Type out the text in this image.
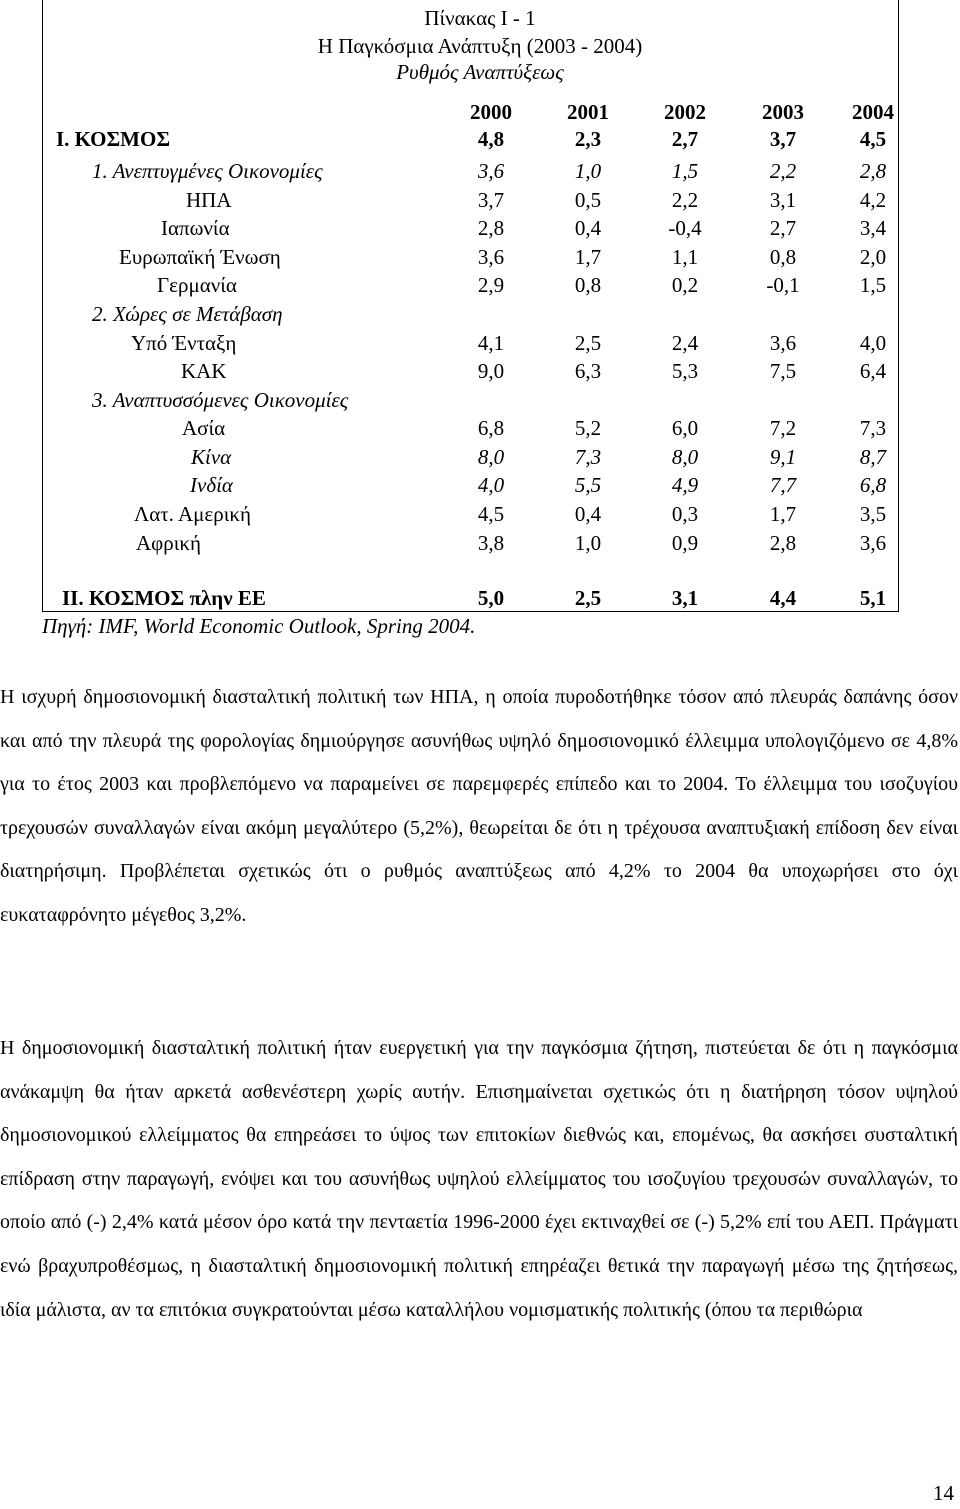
Πίνακας Ι - 1
Η Παγκόσμια Ανάπτυξη (2003 - 2004)
Ρυθμός Αναπτύξεως
2000	2001	2002	2003	2004
Ι. ΚΟΣΜΟΣ	4,8	2,3	2,7	3,7	4,5
1. Ανεπτυγμένες Οικονομίες	3,6	1,0	1,5	2,2	2,8
ΗΠΑ	3,7	0,5	2,2	3,1	4,2
Ιαπωνία	2,8	0,4	-0,4	2,7	3,4
Ευρωπαϊκή Ένωση	3,6	1,7	1,1	0,8	2,0
Γερμανία	2,9	0,8	0,2	-0,1	1,5
2. Χώρες σε Μετάβαση
Υπό Ένταξη	4,1	2,5	2,4	3,6	4,0
ΚΑΚ	9,0	6,3	5,3	7,5	6,4
3. Αναπτυσσόμενες Οικονομίες
Ασία	6,8	5,2	6,0	7,2	7,3
Κίνα	8,0	7,3	8,0	9,1	8,7
Ινδία	4,0	5,5	4,9	7,7	6,8
Λατ. Αμερική	4,5	0,4	0,3	1,7	3,5
Αφρική	3,8	1,0	0,9	2,8	3,6
ΙΙ. ΚΟΣΜΟΣ πλην ΕΕ	5,0	2,5	3,1	4,4	5,1
Πηγή: IMF, World Economic Outlook, Spring 2004.

Η ισχυρή δημοσιονομική διασταλτική πολιτική των ΗΠΑ, η οποία πυροδοτήθηκε τόσον από πλευράς δαπάνης όσον και από την πλευρά της φορολογίας δημιούργησε ασυνήθως υψηλό δημοσιονομικό έλλειμμα υπολογιζόμενο σε 4,8% για το έτος 2003 και προβλεπόμενο να παραμείνει σε παρεμφερές επίπεδο και το 2004. Το έλλειμμα του ισοζυγίου τρεχουσών συναλλαγών είναι ακόμη μεγαλύτερο (5,2%), θεωρείται δε ότι η τρέχουσα αναπτυξιακή επίδοση δεν είναι διατηρήσιμη. Προβλέπεται σχετικώς ότι ο ρυθμός αναπτύξεως από 4,2% το 2004 θα υποχωρήσει στο όχι ευκαταφρόνητο μέγεθος 3,2%.

Η δημοσιονομική διασταλτική πολιτική ήταν ευεργετική για την παγκόσμια ζήτηση, πιστεύεται δε ότι η παγκόσμια ανάκαμψη θα ήταν αρκετά ασθενέστερη χωρίς αυτήν. Επισημαίνεται σχετικώς ότι η διατήρηση τόσον υψηλού δημοσιονομικού ελλείμματος θα επηρεάσει το ύψος των επιτοκίων διεθνώς και, επομένως, θα ασκήσει συσταλτική επίδραση στην παραγωγή, ενόψει και του ασυνήθως υψηλού ελλείμματος του ισοζυγίου τρεχουσών συναλλαγών, το οποίο από (-) 2,4% κατά μέσον όρο κατά την πενταετία 1996-2000 έχει εκτιναχθεί σε (-) 5,2% επί του ΑΕΠ. Πράγματι ενώ βραχυπροθέσμως, η διασταλτική δημοσιονομική πολιτική επηρέαζει θετικά την παραγωγή μέσω της ζητήσεως, ιδία μάλιστα, αν τα επιτόκια συγκρατούνται μέσω καταλλήλου νομισματικής πολιτικής (όπου τα περιθώρια

14
